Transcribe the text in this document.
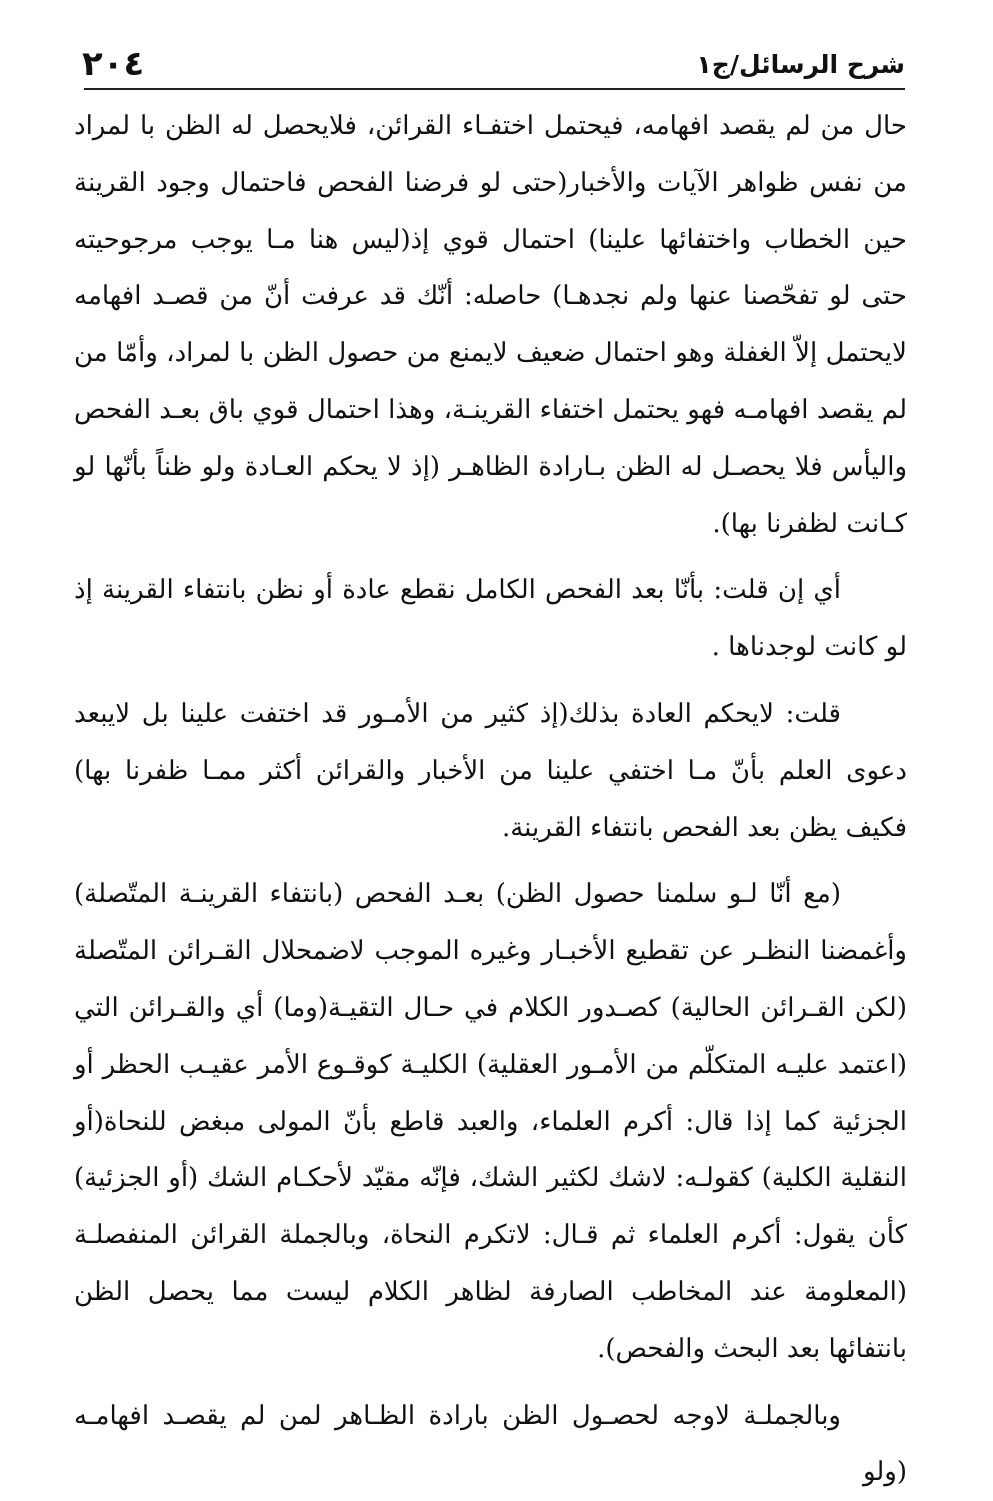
شرح الرسائل/ج١
٢٠٤

حال من لم يقصد افهامه، فيحتمل اختفـاء القرائن، فلايحصل له الظن با لمراد من نفس ظواهر الآيات والأخبار(حتى لو فرضنا الفحص فاحتمال وجود القرينة حين الخطاب واختفائها علينا) احتمال قوي إذ(ليس هنا مـا يوجب مرجوحيته حتى لو تفحّصنا عنها ولم نجدهـا) حاصله: أنّك قد عرفت أنّ من قصـد افهامه لايحتمل إلاّ الغفلة وهو احتمال ضعيف لايمنع من حصول الظن با لمراد، وأمّا من لم يقصد افهامـه فهو يحتمل اختفاء القرينـة، وهذا احتمال قوي باق بعـد الفحص واليأس فلا يحصـل له الظن بـارادة الظاهـر (إذ لا يحكم العـادة ولو ظناً بأنّها لو كـانت لظفرنا بها).

أي إن قلت: بأنّا بعد الفحص الكامل نقطع عادة أو نظن بانتفاء القرينة إذ لو كانت لوجدناها .

قلت: لايحكم العادة بذلك(إذ كثير من الأمـور قد اختفت علينا بل لايبعد دعوى العلم بأنّ مـا اختفي علينا من الأخبار والقرائن أكثر ممـا ظفرنا بها) فكيف يظن بعد الفحص بانتفاء القرينة.

(مع أنّا لـو سلمنا حصول الظن) بعـد الفحص (بانتفاء القرينـة المتّصلة) وأغمضنا النظـر عن تقطيع الأخبـار وغيره الموجب لاضمحلال القـرائن المتّصلة (لكن القـرائن الحالية) كصـدور الكلام في حـال التقيـة(وما) أي والقـرائن التي (اعتمد عليـه المتكلّم من الأمـور العقلية) الكليـة كوقـوع الأمر عقيـب الحظر أو الجزئية كما إذا قال: أكرم العلماء، والعبد قاطع بأنّ المولى مبغض للنحاة(أو النقلية الكلية) كقولـه: لاشك لكثير الشك، فإنّه مقيّد لأحكـام الشك (أو الجزئية) كأن يقول: أكرم العلماء ثم قـال: لاتكرم النحاة، وبالجملة القرائن المنفصلـة (المعلومة عند المخاطب الصارفة لظاهر الكلام ليست مما يحصل الظن بانتفائها بعد البحث والفحص).

وبالجملـة لاوجه لحصـول الظن بارادة الظـاهر لمن لم يقصـد افهامـه (ولو
